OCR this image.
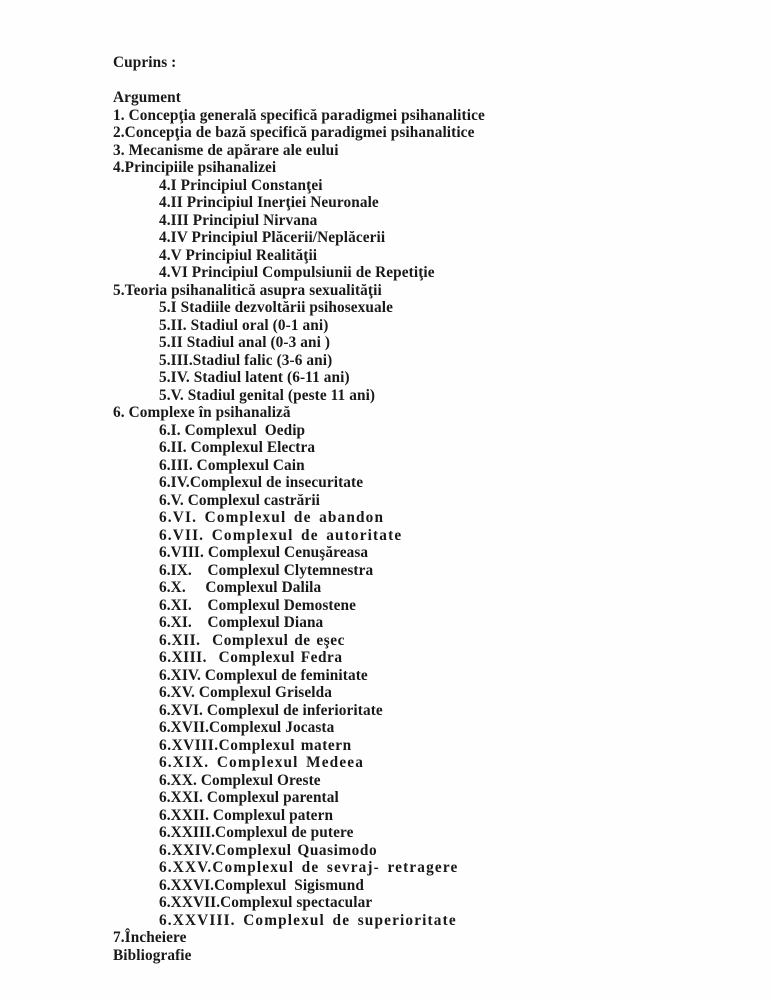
Cuprins :
Argument
1. Concepţia generală specifică paradigmei psihanalitice
2.Concepţia de bază specifică paradigmei psihanalitice
3. Mecanisme de apărare ale eului
4.Principiile psihanalizei
4.I Principiul Constanţei
4.II Principiul Inerţiei Neuronale
4.III Principiul Nirvana
4.IV Principiul Plăcerii/Neplăcerii
4.V Principiul Realităţii
4.VI Principiul Compulsiunii de Repetiţie
5.Teoria psihanalitică asupra sexualităţii
5.I Stadiile dezvoltării psihosexuale
5.II. Stadiul oral (0-1 ani)
5.II Stadiul anal (0-3 ani )
5.III.Stadiul falic (3-6 ani)
5.IV. Stadiul latent (6-11 ani)
5.V. Stadiul genital (peste 11 ani)
6. Complexe în psihanaliză
6.I. Complexul  Oedip
6.II. Complexul Electra
6.III. Complexul Cain
6.IV.Complexul de insecuritate
6.V. Complexul castrării
6.VI. Complexul de abandon
6.VII. Complexul de autoritate
6.VIII. Complexul Cenuşăreasa
6.IX.    Complexul Clytemnestra
6.X.     Complexul Dalila
6.XI.    Complexul Demostene
6.XI.    Complexul Diana
6.XII.  Complexul de eşec
6.XIII.  Complexul Fedra
6.XIV. Complexul de feminitate
6.XV. Complexul Griselda
6.XVI. Complexul de inferioritate
6.XVII.Complexul Jocasta
6.XVIII.Complexul matern
6.XIX. Complexul Medeea
6.XX. Complexul Oreste
6.XXI. Complexul parental
6.XXII. Complexul patern
6.XXIII.Complexul de putere
6.XXIV.Complexul Quasimodo
6.XXV.Complexul de sevraj- retragere
6.XXVI.Complexul  Sigismund
6.XXVII.Complexul spectacular
6.XXVIII. Complexul de superioritate
7.Încheiere
Bibliografie
